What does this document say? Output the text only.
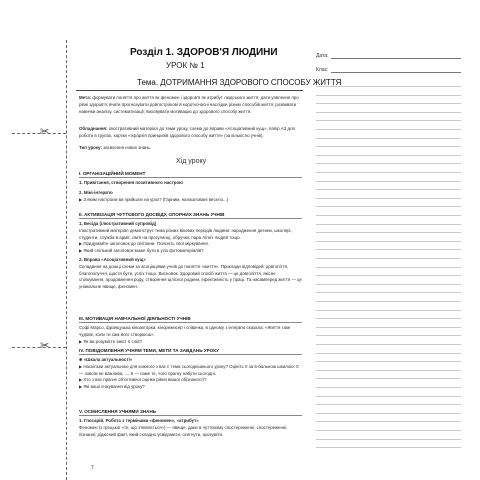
✂
✂
Розділ 1. ЗДОРОВ'Я ЛЮДИНИ
УРОК № 1
Тема. ДОТРИМАННЯ ЗДОРОВОГО СПОСОБУ ЖИТТЯ
Дата:
Клас:
Мета: формувати поняття про життя як феномен і здоров'я як атрибут людського життя; дати уявлення про рівні здоров'я; вчити прогнозувати довгострокові й короткочасні наслідки різних способів життя; розвивати навички аналізу, систематизації; виховувати мотивацію до здорового способу життя.
Обладнання: ілюстративний матеріал до теми уроку, схема до вправи «Асоціативний кущ», папір А3 для роботи в групах, картки «Ієрархія принципів здорового способу життя» (за кількістю учнів).
Тип уроку: засвоєння нових знань.
Хід уроку
I. ОРГАНІЗАЦІЙНИЙ МОМЕНТ
1. Привітання, створення позитивного настрою
2. Міні-інтерв'ю
▶ З яким настроєм ви прийшли на урок? (Гарним, налаштовані весело...)
II. АКТИВІЗАЦІЯ ЧУТТЄВОГО ДОСВІДУ, ОПОРНИХ ЗНАНЬ УЧНІВ
1. Бесіда (ілюстративний супровід)
Ілюстративний матеріал демонструє тема різних вікових періодів людини: народження дитини, школярі, студенти, служба в армії, сім'я на прогулянці, обручки, пара літніх людей тощо.
▶ Придумайте заголовок до світлини. Поясніть свої міркування.
▶ Який спільний заголовок може бути в усіх фотоматеріалів?
2. Вправа «Асоціативний кущ»
Складання на дошці схеми за асоціаціями учнів до поняття «життя». Приклади відповідей: довголіття, благополуччя, щастя бути, успіх тощо. Висновок. Здоровий спосіб життя — це довголіття, якісне спілкування, продовження роду, створення цілісної родини, ефективність у праці. Та насамперед життя — це уніикальне явище, феномен.
III. МОТИВАЦІЯ НАВЧАЛЬНОЇ ДІЯЛЬНОСТІ УЧНІВ
Софі Марсо, французька кіноакторка, кінорежисер і співачка, в одному з інтерв'ю сказала: «Життя таке чудове, коли ти сам його створюєш».
▶ Як ви розумієте зміст її слів?
IV. ПОВІДОМЛЕННЯ УЧНЯМ ТЕМИ, МЕТИ ТА ЗАВДАНЬ УРОКУ
✱ «Шкала актуальності»
▶ Наскільки актуальною для кожного з вас є тема сьогоднішнього уроку? Оцініть її за 6-бальною шкалою: 0 — зовсім не важлива, ..., 5 — саме те, чого прагну набути сьогодні.
▶ Хто з вас прагне об'єктивної оцінки рівня вашої обізнаності?
▶ Які ваші очікування від уроку?
V. ОСМИСЛЕННЯ УЧНЯМИ ЗНАНЬ
1. Глосарій. Робота з термінами «феномен», «атрибут»
Феномен (з грецької «те, що з'являється») — явище, дане в чуттєвому спостереженні, спостереженні, пізнанні; рідкісний факт, який складно усвідомити, осягнути, зрозуміти.
7
